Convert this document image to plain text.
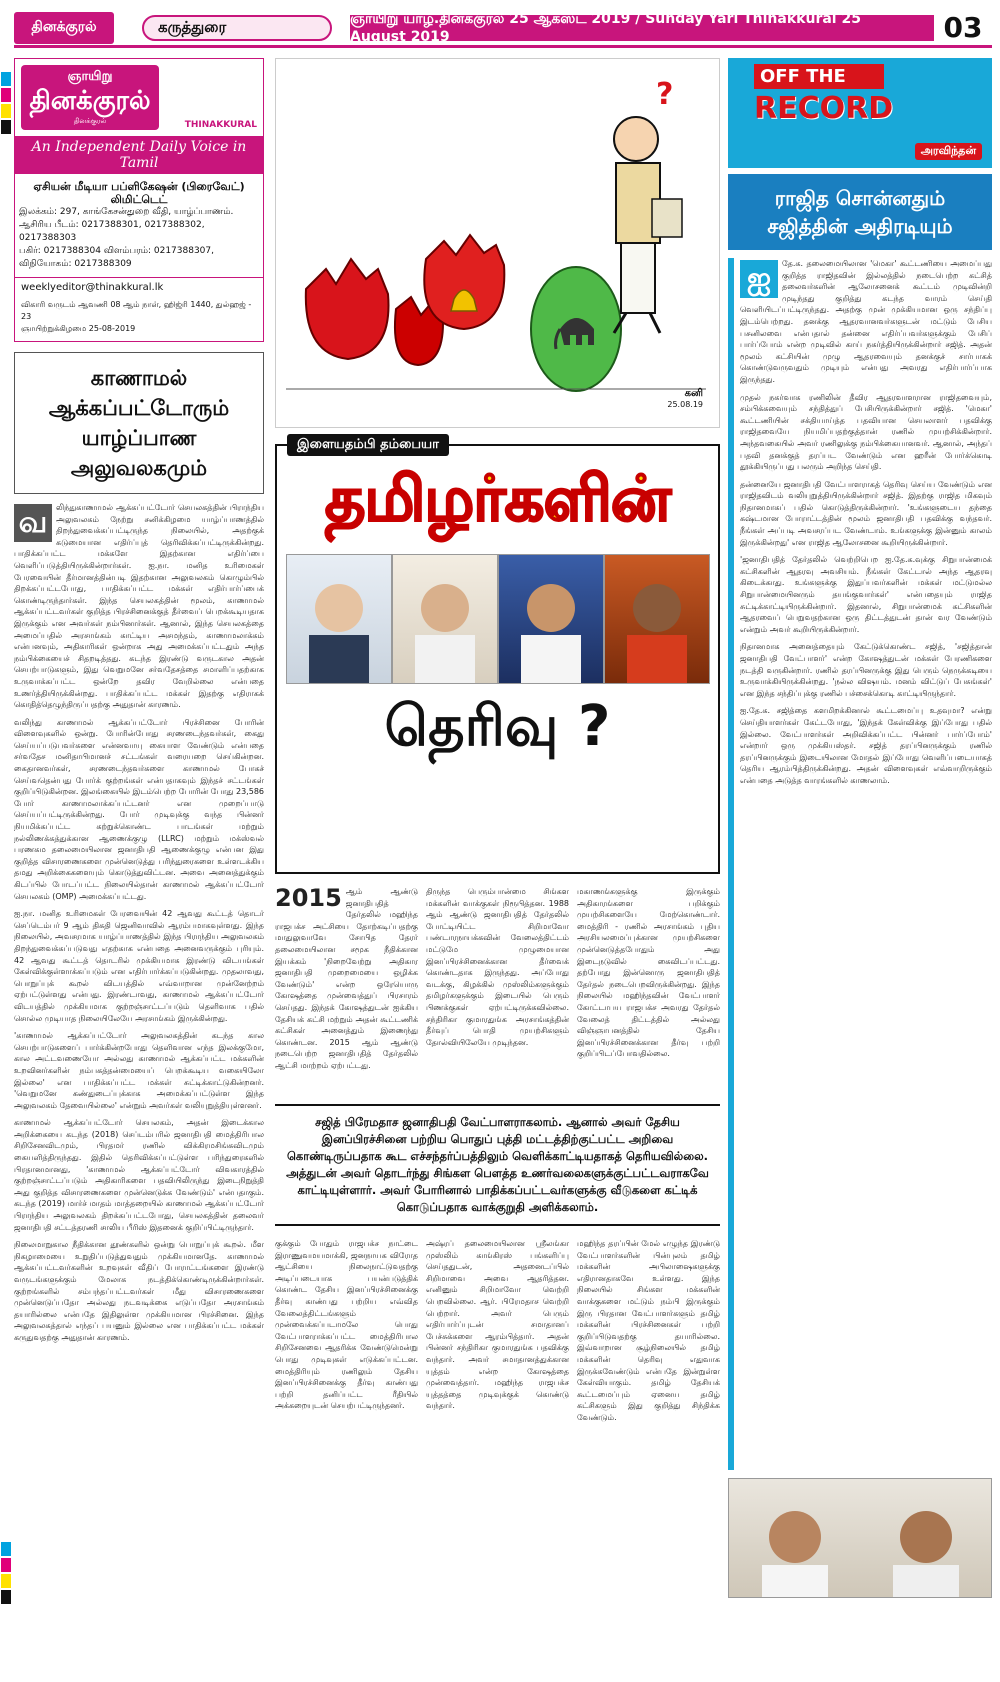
தினக்குரல்	கருத்துரை	ஞாயிறு யாழ்.தினக்குரல் 25 ஆகஸ்ட் 2019 / Sunday Yarl Thinakkural 25 August 2019	03
ஞாயிறு
தினக்குரல்
தினக்குரல்	THINAKKURAL
An Independent Daily Voice in Tamil
ஏசியன் மீடியா பப்ளிகேஷன் (பிரைவேட்) லிமிட்டெட்
இலக்கம்: 297, காங்கேசன்துறை வீதி, யாழ்ப்பாணம்.
ஆசிரிய பீடம்: 0217388301, 0217388302, 0217388303
பகிர்: 0217388304 விளம்பரம்: 0217388307, விநியோகம்: 0217388309
weeklyeditor@thinakkural.lk
விகாரி வருடம் ஆவணி 08 ஆம் நாள், ஹிஜ்ரி 1440, துல்ஹஜ் - 23
ஞாயிற்றுக்கிழமை 25-08-2019
காணாமல் ஆக்கப்பட்டோரும் யாழ்ப்பாண அலுவலகமும்
வ	லிந்துகாணாமல் ஆக்கப்பட்டோர் செயலகத்தின் பிராந்திய அலுவலகம் நேற்று சனிக்கிழமை யாழ்ப்பாணத்தில் திறந்துவைக்கப்பட்டிருந்த நிலையில், அதற்குக் கடுமையான எதிர்ப்புத் தெரிவிக்கப்பட்டிருக்கின்றது. பாதிக்கப்பட்ட மக்களே இதற்கான எதிர்ப்பை வெளிப்படுத்தியிருக்கின்றார்கள். ஐ.நா. மனித உரிமைகள் பேரவையின் தீர்மானத்தின்படி இதற்கான அலுவலகம் கொழும்பில் திறக்கப்பட்டபோது, பாதிக்கப்பட்ட மக்கள் எதிர்பார்ப்பைக் கொண்டிருந்தார்கள். இந்த செயலகத்தின் மூலம், காணாமல் ஆக்கப்பட்டவர்கள் குறித்த பிரச்சினைக்குத் தீர்வைப் பெறக்கூடியதாக இருக்கும் என அவர்கள் நம்பினார்கள். ஆனால், இந்த செயலகத்தை அமைப்பதில் அரசாங்கம் காட்டிய அசமந்தம், காணாமலாக்கம் என்பனவும், அதிகாரிகள் ஒன்றாக அது அமைக்கப்பட்டதும் அந்த நம்பிக்கையைச் சிதறடித்தது. கடந்த இரண்டு வருடகால அதன் செயற்பாடுகளும், இது வெறுமனே சர்வதேசத்தை சமாளிப்பதற்காக உருவாக்கப்பட்ட ஒன்றே தவிர வேறில்லை என்பதை உணர்த்தியிருக்கின்றது. பாதிக்கப்பட்ட மக்கள் இதற்கு எதிராகக் கொதித்தெழுந்திருப்பதற்கு அதுதான் காரணம்.

வலிந்து காணாமல் ஆக்கப்பட்டோர் பிரச்சினை போரின் விளைவுகளில் ஒன்று. போரின்போது சரணடைந்தவர்கள், கைது செய்யப்படுபவர்களை என்னவாயு கையாள வேண்டும் என்பதை சர்வதேச மனிதாபிமானச் சட்டங்கள் வரையறை செய்கின்றன. கைதானவர்கள், சரணடைந்தவர்களை காணாமல் போகச் செய்வதென்பது போர்க் குற்றங்கள் என்பதாகவும் இந்தச் சட்டங்கள் குறிப்பிடுகின்றன. இலங்கையில் இடம்பெற்ற போரின் போது 23,586 போர் காணாமலாக்கப்பட்டனர் என முறைப்பாடு செய்யப்பட்டிருக்கின்றது. போர் முடிவுக்கு வந்த பின்னர் நியமிக்கப்பட்ட கற்றுக்கொண்ட பாடங்கள் மற்றும் நல்லிணக்கத்துக்கான ஆணைக்குழு (LLRC) மற்றும் மக்ஸ்வல் பரணகம தலைமையிலான ஜனாதிபதி ஆணைக்குழு என்பன இது குறித்த விசாரணைகளை முன்னெடுத்து பரிந்துரைகளை உள்ளடக்கிய தமது அறிக்கைகளையும் கொடுத்துவிட்டன. அவை அனைத்துக்கும் கிடப்பில் போடப்பட்ட நிலையில்தான் காணாமல் ஆக்கப்பட்டோர் செயலகம் (OMP) அமைக்கப்பட்டது.

ஐ.நா. மனித உரிமைகள் பேரவையின் 42 ஆவது கூட்டத் தொடர் செப்டெம்பர் 9 ஆம் திகதி ஜெனிவாவில் ஆரம்பமாகவுள்ளது. இந்த நிலையில், அவசரமாக யாழ்ப்பாணத்தில் இந்த பிராந்திய அலுவலகம் திறந்துவைக்கப்படுவது எதற்காக என்பதை அனைவருக்கும் புரியும். 42 ஆவது கூட்டத் தொடரில் முக்கியமாக இரண்டு விடயங்கள் கேள்விக்குள்ளாக்கப்படும் என எதிர்பார்க்கப்படுகின்றது. முதலாவது, பொறுப்புக் கூறல் விடயத்தில் எவ்வாறான முன்னேற்றம் ஏற்பட்டுள்ளது என்பது. இரண்டாவது, காணாமல் ஆக்கப்பட்டோர் விடயத்தில் முக்கியமாக குற்றஞ்சாட்டப்படும் தெளிவாக பதில் சொல்ல முடியாத நிலையிலேயே அரசாங்கம் இருக்கின்றது.

'காணாமல் ஆக்கப்பட்டோர் அலுவலகத்தின் கடந்த கால செயற்பாடுகளைப் பார்க்கின்றபோது தெளிவான எந்த இலக்குமோ, கால அட்டவணையோ அல்லது காணாமல் ஆக்கப்பட்ட மக்களின் உறவினர்களின் நம்பகத்தன்மையைப் பெறக்கூடிய வகையிலோ இல்லை' என பாதிக்கப்பட்ட மக்கள் சுட்டிக்காட்டுகின்றனர். 'வெறுமனே கண்துடைப்புக்காக அமைக்கப்பட்டுள்ள இந்த அலுவலகம் தேவையில்லை' என்றும் அவர்கள் வலியுறுத்தியுள்ளனர்.

காணாமல் ஆக்கப்பட்டோர் செயலகம், அதன் இடைக்கால அறிக்கையை கடந்த (2018) செப்டம்பரில் ஜனாதிபதி மைத்திரிபால சிறிசேனவிடமும், பிரதமர் ரணில் விக்கிரமசிங்கவிடமும் கையளித்திருந்தது. இதில் தெரிவிக்கப்பட்டுள்ள பரிந்துரைகளில் பிரதானமானது, 'காணாமல் ஆக்கப்பட்டோர் விவகாரத்தில் குற்றஞ்சாட்டப்படும் அதிகாரிகளை பதவியிலிருந்து இடைநிறுத்தி அது குறித்த விசாரணைகளை முன்னெடுக்க வேண்டும்' என்பதாகும். கடந்த (2019) மார்ச் மாதம் மாத்தறையில் காணாமல் ஆக்கப்பட்டோர் பிராந்திய அலுவலகம் திறக்கப்பட்டபோது, செயலகத்தின் தலைவர் ஜனாதிபதி சட்டத்தரணி சாலிய பீரிஸ் இதனைக் குறிப்பிட்டிருந்தார்.

நிலைமாறுகால நீதிக்கான தூண்களில் ஒன்று பொறுப்புக் கூறல். மீள நிகழாமையை உறுதிப்படுத்துவதும் முக்கியமானதே. காணாமல் ஆக்கப்பட்டவர்களின் உறவுகள் வீதிப் போராட்டங்களை இரண்டு வருடங்களுக்கும் மேலாக நடத்திக்கொண்டிருக்கின்றார்கள். குற்றங்களில் சம்பந்தப்பட்டவர்கள் மீது விசாரணைகளை முன்னெடுப்பதோ அல்லது நடவடிக்கை எடுப்பதோ அரசாங்கம் தயாரில்லை என்பதே இதிலுள்ள முக்கியமான பிரச்சினை. இந்த அலுவலகத்தால் எந்தப் பயனும் இல்லை என பாதிக்கப்பட்ட மக்கள் கருதுவதற்கு அதுதான் காரணம்.

?
கனி
25.08.19
இளையதம்பி தம்பையா
தமிழர்களின்
தெரிவு ?
2015 ஆம் ஆண்டு ஜனாதிபதித் தேர்தலில் மஹிந்த ராஜபக்ச அட்சியை தோற்கடிப்பதற்கு மாதுலுவாவே சோபித தேரர் தலைமையிலான சமூக நீதிக்கான இயக்கம் 'நிறைவேற்று அதிகார ஜனாதிபதி முறைமையை ஒழிக்க வேண்டும்' என்ற ஒரேயொரு கோஷத்தை முன்வைத்துப் பிரசாரம் செய்தது. இந்தக் கோஷத்துடன் ஐக்கிய தேசியக் கட்சி மற்றும் அதன் கூட்டணிக் கட்சிகள் அனைத்தும் இணைந்து கொண்டன. 2015 ஆம் ஆண்டு நடைபெற்ற ஜனாதிபதித் தேர்தலில் ஆட்சி மாற்றம் ஏற்பட்டது.
திருந்த பெரும்பான்மை சிங்கள மக்களின் வாக்குகள் நிரூபித்தன. 1988 ஆம் ஆண்டு ஜனாதிபதித் தேர்தலில் போட்டியிட்ட சிறிமாவோ பண்டாரநாயக்கவின் வேலைத்திட்டம் மட்டுமே முழுமையான இனப்பிரச்சினைக்கான தீர்வைக் கொண்டதாக இருந்தது. அப்போது வடக்கு, கிழக்கில் முஸ்லிம்களுக்கும் தமிழர்களுக்கும் இடையில் பெரும் பிணக்குகள் ஏற்பட்டிருக்கவில்லை. சந்திரிகா குமாரதுங்க அரசாங்கத்தின் தீர்வுப் பொதி முயற்சிகளும் தோல்வியிலேயே முடிந்தன.
மகாணங்களுக்கு இருக்கும் அதிகாரங்களை பறிக்கும் முயற்சிகளையே மேற்கொண்டார். மைத்திரி - ரணில் அரசாங்கம் புதிய அரசியலமைப்புக்கான முயற்சிகளை முன்னெடுத்தபோதும் அது இடைநடுவில் கைவிடப்பட்டது. தற்போது இன்னொரு ஜனாதிபதித் தேர்தல் நடைபெறவிருக்கின்றது. இந்த நிலையில் மஹிந்தவின் வேட்பாளர் கோட்டாபய ராஜபக்ச அவரது தேர்தல் வேலைத் திட்டத்தில் அல்லது விஞ்ஞாபனத்தில் தேசிய இனப்பிரச்சினைக்கான தீர்வு பற்றி குறிப்பிடப்போவதில்லை.
சஜித் பிரேமதாச ஜனாதிபதி வேட்பாளராகலாம். ஆனால் அவர் தேசிய இனப்பிரச்சினை பற்றிய பொதுப் புத்தி மட்டத்திற்குட்பட்ட அறிவை கொண்டிருப்பதாக கூட எச்சந்தர்ப்பத்திலும் வெளிக்காட்டியதாகத் தெரியவில்லை. அத்துடன் அவர் தொடர்ந்து சிங்கள பௌத்த உணர்வலைகளுக்குட்பட்டவராகவே காட்டியுள்ளார். அவர் போரினால் பாதிக்கப்பட்டவர்களுக்கு வீடுகளை கட்டிக் கொடுப்பதாக வாக்குறுதி அளிக்கலாம்.
குக்கும் போதும் ராஜபக்ச நாட்டை இராணுவமயமாக்கி, ஜனநாயக விரோத ஆட்சியை நிலைநாட்டுவதற்கு அடிப்படையாக பயன்படுத்திக் கொண்ட தேசிய இனப்பிரச்சினைக்கு தீர்வு காண்பது பற்றிய எவ்வித வேலைத்திட்டங்களும் முன்வைக்கப்படாமலே பொது வேட்பாளராக்கப்பட்ட மைத்திரிபால சிறிசேனவை ஆதரிக்க வேண்டுமென்று பொது முடிவுகள் எடுக்கப்பட்டன. மைத்திரியும் ரணிலும் தேசிய இனப்பிரச்சினைக்கு தீர்வு காண்பது பற்றி தனிப்பட்ட ரீதியில் அக்கறையுடன் செயற்பட்டிருந்தனர்.
அஷ்ரப் தலைமையிலான ஸ்ரீலங்கா முஸ்லிம் காங்கிரஸ் பங்களிப்பு செய்ததுடன், அதனைடப்பில் சிறிமாவை அவை ஆதரித்தன. எனினும் சிறிமாவோ வெற்றி பெறவில்லை. ஆர். பிரேமதாச வெற்றி பெற்றார். அவர் பெரும் எதிர்பார்ப்புடன் சமாதானப் பேச்சுக்களை ஆரம்பித்தார். அதன் பின்னர் சந்திரிகா குமாரதுங்க பதவிக்கு வந்தார். அவர் சமாதானத்துக்கான யுத்தம் என்ற கோஷத்தை முன்வைத்தார். மஹிந்த ராஜபக்ச யுத்தத்தை முடிவுக்குக் கொண்டு வந்தார்.
மஹிந்த தரப்பின் மேல் எழுந்த இரண்டு வேட்பாளர்களின் பின்புலம் தமிழ் மக்களின் அபிலாஷைகளுக்கு எதிரானதாகவே உள்ளது. இந்த நிலையில் சிங்கள மக்களின் வாக்குகளை மட்டும் நம்பி இருக்கும் இரு பிரதான வேட்பாளர்களும் தமிழ் மக்களின் பிரச்சினைகள் பற்றி குறிப்பிடுவதற்கு தயாரில்லை. இவ்வாறான சூழ்நிலையில் தமிழ் மக்களின் தெரிவு எதுவாக இருக்கவேண்டும் என்பதே இன்றுள்ள கேள்வியாகும். தமிழ் தேசியக் கூட்டமைப்பும் ஏனைய தமிழ் கட்சிகளும் இது குறித்து சிந்திக்க வேண்டும்.
OFF THE
RECORD
அரவிந்தன்
ராஜித சொன்னதும் சஜித்தின் அதிரடியும்
ஐ	தே.க. தலைமையிலான 'மெகா' கூட்டணியை அமைப்பது குறித்த ராஜிதவின் இல்லத்தில் நடைபெற்ற கட்சித் தலைவர்களின் ஆலோசனைக் கூட்டம் முடிவின்றி முடிந்தது குறித்து கடந்த வாரம் செய்தி வெளியிடப்பட்டிருந்தது. அதற்கு முன் முக்கியமான ஒரு சந்திப்பு இடம்பெற்றது. தனக்கு ஆதரவானவர்களுடன் மட்டும் பேசிய பசனிலவை என்பதால் தன்னை எதிர்ப்பவர்களுக்கும் பேசிப் பார்ப்போம் என்ற முடிவில் காய் நகர்த்தியிருக்கின்றார் சஜித். அதன் மூலம் கட்சியின் முழு ஆதரவையும் தனக்குச் சார்பாகக் கொண்டுவருவதும் முடியும் என்பது அவரது எதிர்பார்ப்பாக இருந்தது.

முதல் நகர்வாக ரணிலின் தீவிர ஆதரவாளரான ராஜிதவையும், சம்பிக்கவையும் சந்தித்துப் பேசியிருக்கின்றார் சஜித். 'மெகா' கூட்டணியின் சக்தியாய்த்த பதவியான செயலாளர் பதவிக்கு ராஜிதவையே நியமிப்பதற்குத்தான் ரணில் முயற்சிக்கின்றார். அந்தவகையில் அவர் ரணிலுக்கு நம்பிக்கையானவர். ஆனால், அந்தப் பதவி தனக்குத் தரப்பட வேண்டும் என ஹரீன் போர்க்கொடி தூக்கியிருப்பது பலரும் அறிந்த செய்தி.

தன்னையே ஜனாதிபதி வேட்பாளராகத் தெரிவு செய்ய வேண்டும் என ராஜிதவிடம் வலியுறுத்தியிருக்கின்றார் சஜித். இதற்கு ராஜித மிகவும் நிதானமாகப் பதில் கொடுத்திருக்கின்றார். 'உங்களுடைய தந்தை கஷ்டமான போராட்டத்தின் மூலம் ஜனாதிபதி பதவிக்கு வந்தவர். நீங்கள் அப்படி அவசரப்பட வேண்டாம். உங்களுக்கு இன்னும் காலம் இருக்கின்றது' என ராஜித ஆலோசனை கூறியிருக்கின்றார்.

'ஜனாதிபதித் தேர்தலில் வெற்றிபெற ஐ.தே.க.வுக்கு சிறுபான்மைக் கட்சிகளின் ஆதரவு அவசியம். நீங்கள் கேட்டால் அந்த ஆதரவு கிடைக்காது. உங்களுக்கு இதுப்பவர்களின் மக்கள் மட்டுமல்ல சிறுபான்மையினரும் தயங்குவார்கள்' என்பதையும் ராஜித சுட்டிக்காட்டியிருக்கின்றார். இதனால், சிறுபான்மைக் கட்சிகளின் ஆதரவைப் பெறுவதற்கான ஒரு திட்டத்துடன் தான் வர வேண்டும் என்றும் அவர் கூறியிருக்கின்றார்.

நிதானமாக அனைத்தையும் கேட்டுக்கொண்ட சஜித், 'சஜித்தான் ஜனாதிபதி வேட்பாளர்' என்ற கோஷத்துடன் மக்கள் பேரணிகளை நடத்தி வருகின்றார். ரணில் தரப்பினருக்கு இது பெரும் நெருக்கடியை உருவாக்கியிருக்கின்றது. 'நல்ல விஷயம். மனம் விட்டுப் பேசுங்கள்' என இந்த சந்திப்புக்கு ரணில் பச்சைக்கொடி காட்டியிருந்தார்.

ஐ.தே.க. சஜித்தை களமிறக்கினால் கூட்டமைப்பு உதவுமா? என்று செய்தியாளர்கள் கேட்டபோது, 'இந்தக் கேள்விக்கு இப்போது பதில் இல்லை. வேட்பாளர்கள் அறிவிக்கப்பட்ட பின்னர் பார்ப்போம்' என்றார் ஒரு முக்கியஸ்தர். சஜித் தரப்பினருக்கும் ரணில் தரப்பினருக்கும் இடையிலான மோதல் இப்போது வெளிப்படையாகத் தெரிய ஆரம்பித்திருக்கின்றது. அதன் விளைவுகள் எவ்வாறிருக்கும் என்பதை அடுத்த வாரங்களில் காணலாம்.
